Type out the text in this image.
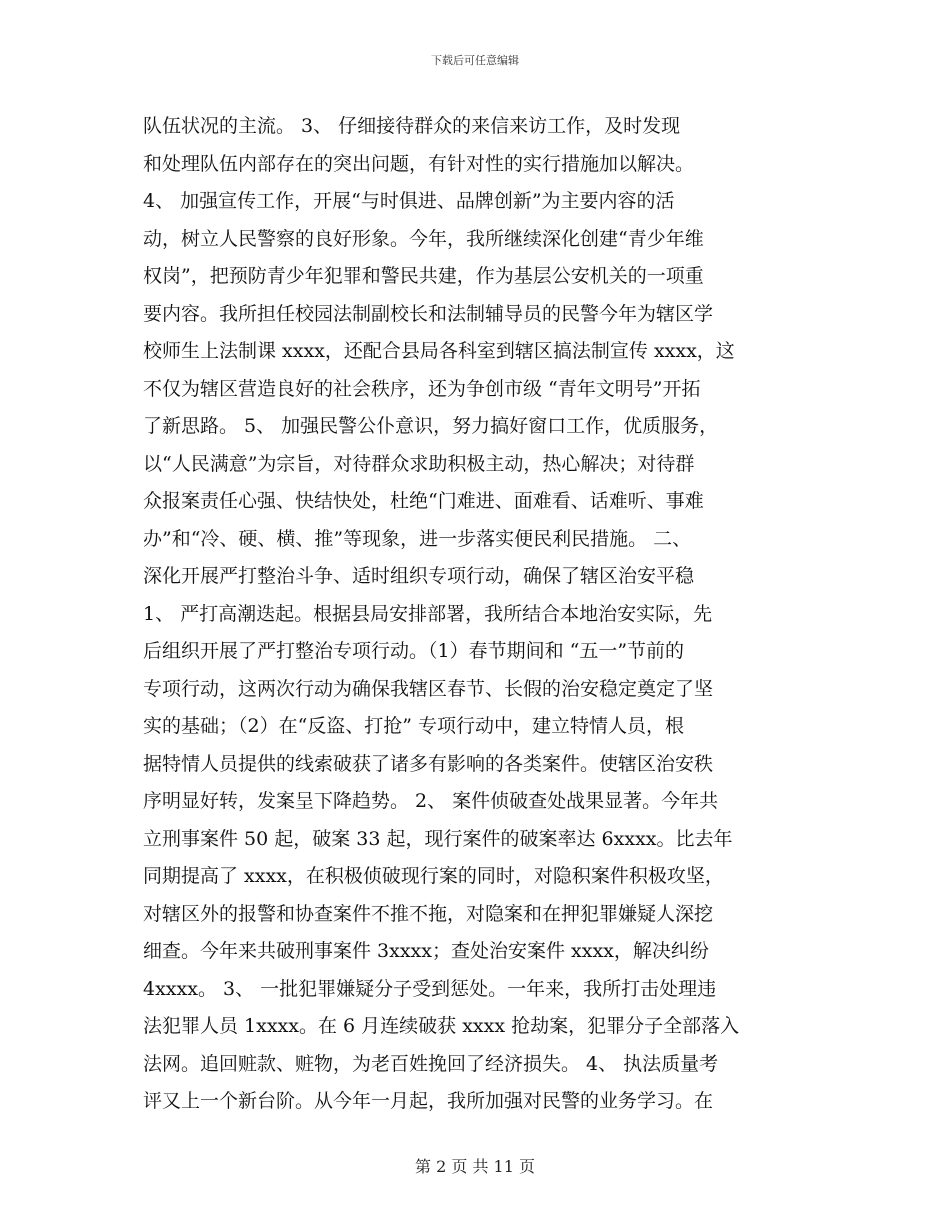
下载后可任意编辑
队伍状况的主流。 3、 仔细接待群众的来信来访工作，及时发现
和处理队伍内部存在的突出问题，有针对性的实行措施加以解决。
4、 加强宣传工作，开展“与时俱进、品牌创新”为主要内容的活
动，树立人民警察的良好形象。今年，我所继续深化创建“青少年维
权岗”，把预防青少年犯罪和警民共建，作为基层公安机关的一项重
要内容。我所担任校园法制副校长和法制辅导员的民警今年为辖区学
校师生上法制课 xxxx，还配合县局各科室到辖区搞法制宣传 xxxx，这
不仅为辖区营造良好的社会秩序，还为争创市级 “青年文明号”开拓
了新思路。 5、 加强民警公仆意识，努力搞好窗口工作，优质服务，
以“人民满意”为宗旨，对待群众求助积极主动，热心解决；对待群
众报案责任心强、快结快处，杜绝“门难进、面难看、话难听、事难
办”和“冷、硬、横、推”等现象，进一步落实便民利民措施。 二、
深化开展严打整治斗争、适时组织专项行动，确保了辖区治安平稳
1、 严打高潮迭起。根据县局安排部署，我所结合本地治安实际，先
后组织开展了严打整治专项行动。（1）春节期间和 “五一”节前的
专项行动，这两次行动为确保我辖区春节、长假的治安稳定奠定了坚
实的基础；（2）在“反盗、打抢” 专项行动中，建立特情人员，根
据特情人员提供的线索破获了诸多有影响的各类案件。使辖区治安秩
序明显好转，发案呈下降趋势。 2、 案件侦破查处战果显著。今年共
立刑事案件 50 起，破案 33 起，现行案件的破案率达 6xxxx。比去年
同期提高了 xxxx，在积极侦破现行案的同时，对隐积案件积极攻坚，
对辖区外的报警和协查案件不推不拖，对隐案和在押犯罪嫌疑人深挖
细查。今年来共破刑事案件 3xxxx；查处治安案件 xxxx，解决纠纷
4xxxx。 3、 一批犯罪嫌疑分子受到惩处。一年来，我所打击处理违
法犯罪人员 1xxxx。在 6 月连续破获 xxxx 抢劫案，犯罪分子全部落入
法网。追回赃款、赃物，为老百姓挽回了经济损失。 4、 执法质量考
评又上一个新台阶。从今年一月起，我所加强对民警的业务学习。在
第 2 页 共 11 页
